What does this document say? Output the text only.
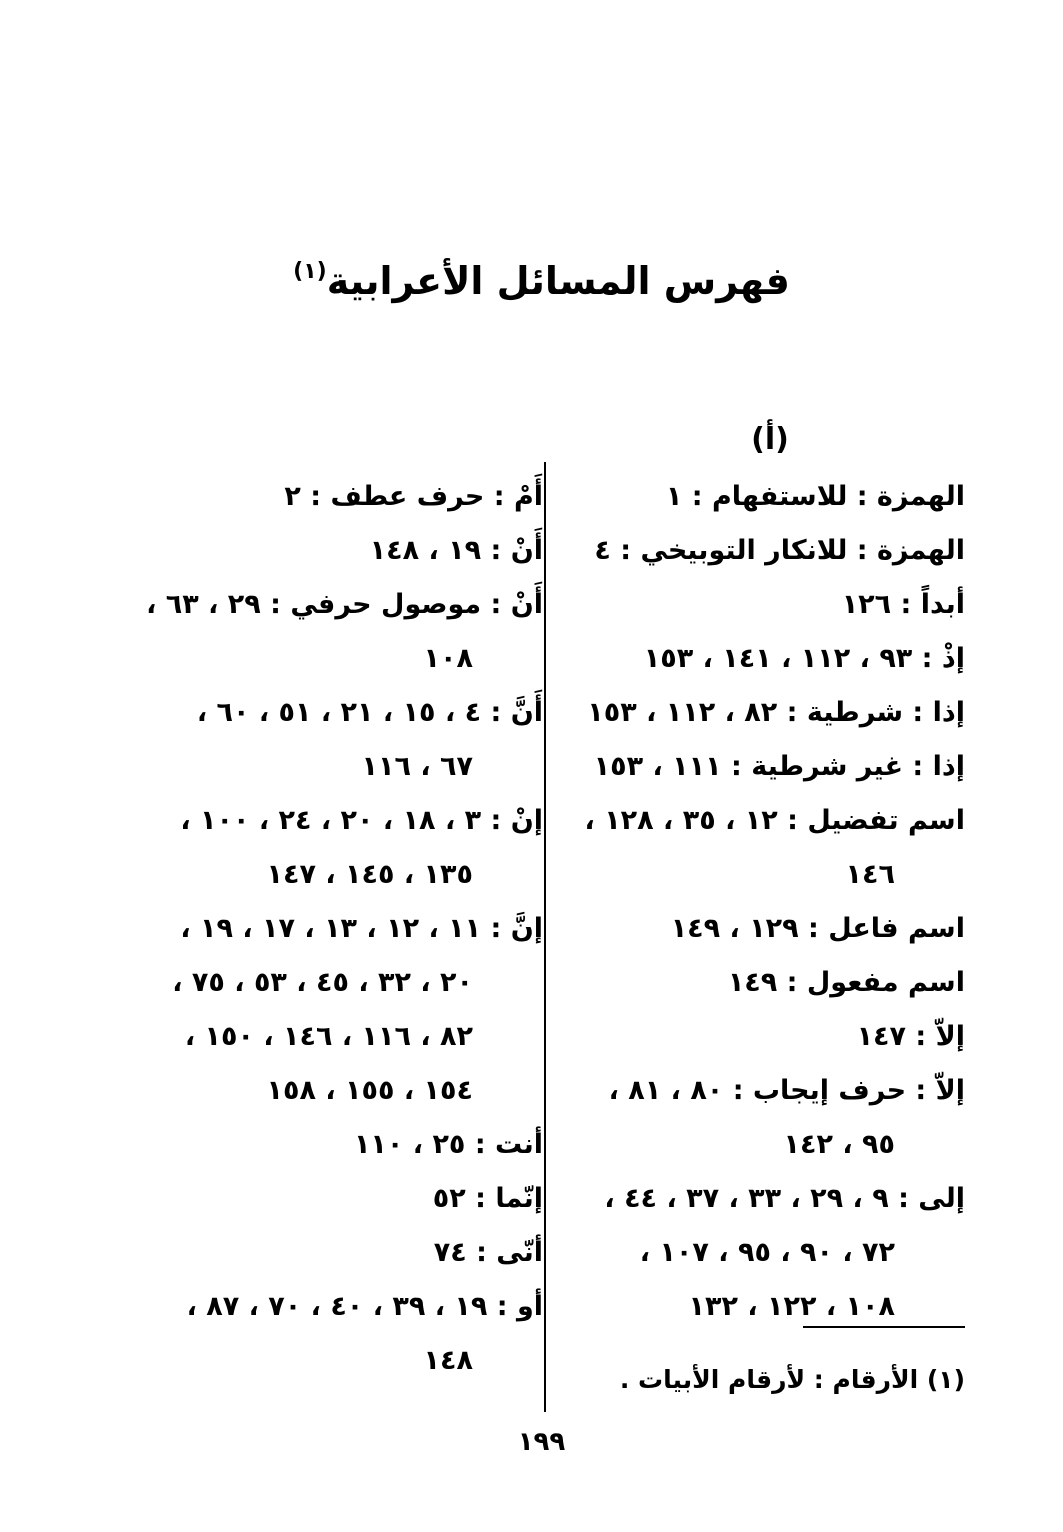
فهرس المسائل الأعرابية$^{(١)}$
(أ)
الهمزة : للاستفهام : ١
الهمزة : للانكار التوبيخي : ٤
أبداً : ١٢٦
إذْ : ٩٣ ، ١١٢ ، ١٤١ ، ١٥٣
إذا : شرطية : ٨٢ ، ١١٢ ، ١٥٣
إذا : غير شرطية : ١١١ ، ١٥٣
اسم تفضيل : ١٢ ، ٣٥ ، ١٢٨ ،
١٤٦
اسم فاعل : ١٢٩ ، ١٤٩
اسم مفعول : ١٤٩
إلاّ : ١٤٧
إلاّ : حرف إيجاب : ٨٠ ، ٨١ ،
٩٥ ، ١٤٢
إلى : ٩ ، ٢٩ ، ٣٣ ، ٣٧ ، ٤٤ ،
٧٢ ، ٩٠ ، ٩٥ ، ١٠٧ ،
١٠٨ ، ١٢٢ ، ١٣٢
أَمْ : حرف عطف : ٢
أَنْ : ١٩ ، ١٤٨
أَنْ : موصول حرفي : ٢٩ ، ٦٣ ،
١٠٨
أَنَّ : ٤ ، ١٥ ، ٢١ ، ٥١ ، ٦٠ ،
٦٧ ، ١١٦
إنْ : ٣ ، ١٨ ، ٢٠ ، ٢٤ ، ١٠٠ ،
١٣٥ ، ١٤٥ ، ١٤٧
إنَّ : ١١ ، ١٢ ، ١٣ ، ١٧ ، ١٩ ،
٢٠ ، ٣٢ ، ٤٥ ، ٥٣ ، ٧٥ ،
٨٢ ، ١١٦ ، ١٤٦ ، ١٥٠ ،
١٥٤ ، ١٥٥ ، ١٥٨
أنت : ٢٥ ، ١١٠
إنّما : ٥٢
أنّى : ٧٤
أو : ١٩ ، ٣٩ ، ٤٠ ، ٧٠ ، ٨٧ ،
١٤٨
(١) الأرقام : لأرقام الأبيات .
١٩٩
